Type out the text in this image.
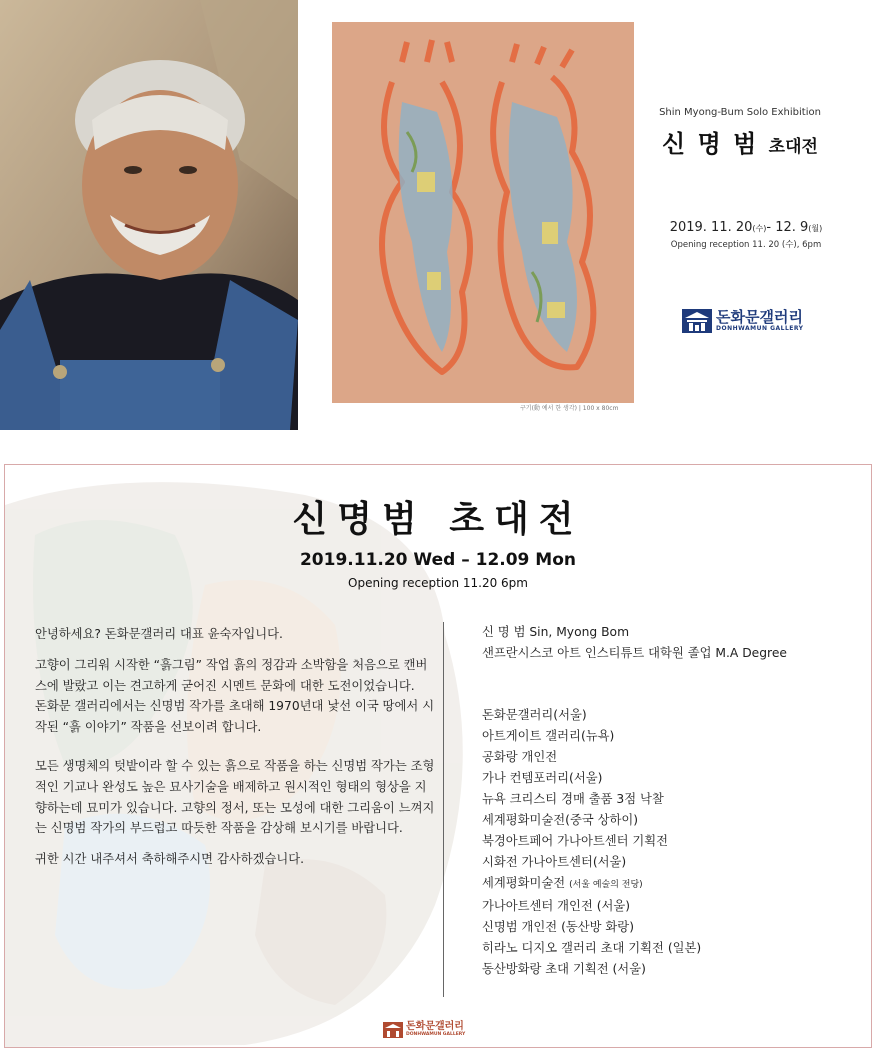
구기(動 예서 한 생각) | 100 x 80cm
Shin Myong-Bum Solo Exhibition
신 명 범 초대전
2019. 11. 20(수)- 12. 9(월)
Opening reception 11. 20 (수), 6pm
돈화문갤러리
DONHWAMUN GALLERY
신명범 초대전
2019.11.20 Wed – 12.09 Mon
Opening reception 11.20 6pm

안녕하세요? 돈화문갤러리 대표 윤숙자입니다.

고향이 그리워 시작한 “흙그림” 작업 흙의 정감과 소박함을 처음으로 캔버스에 발랐고 이는 견고하게 굳어진 시멘트 문화에 대한 도전이었습니다.
돈화문 갤러리에서는 신명범 작가를 초대해 1970년대 낯선 이국 땅에서 시작된 “흙 이야기” 작품을 선보이려 합니다.

모든 생명체의 텃밭이라 할 수 있는 흙으로 작품을 하는 신명범 작가는 조형적인 기교나 완성도 높은 묘사기술을 배제하고 원시적인 형태의 형상을 지향하는데 묘미가 있습니다. 고향의 정서, 또는 모성에 대한 그리움이 느껴지는 신명범 작가의 부드럽고 따듯한 작품을 감상해 보시기를 바랍니다.

귀한 시간 내주셔서 축하해주시면 감사하겠습니다.

신 명 범 Sin, Myong Bom
샌프란시스코 아트 인스티튜트 대학원 졸업 M.A Degree
돈화문갤러리(서울)
아트게이트 갤러리(뉴욕)
공화랑 개인전
가나 컨템포러리(서울)
뉴욕 크리스티 경매 출품 3점 낙찰
세계평화미술전(중국 상하이)
북경아트페어 가나아트센터 기획전
시화전 가나아트센터(서울)
세계평화미술전 (서울 예술의 전당)
가나아트센터 개인전 (서울)
신명범 개인전 (동산방 화랑)
히라노 디지오 갤러리 초대 기획전 (일본)
동산방화랑 초대 기획전 (서울)
돈화문갤러리
DONHWAMUN GALLERY
